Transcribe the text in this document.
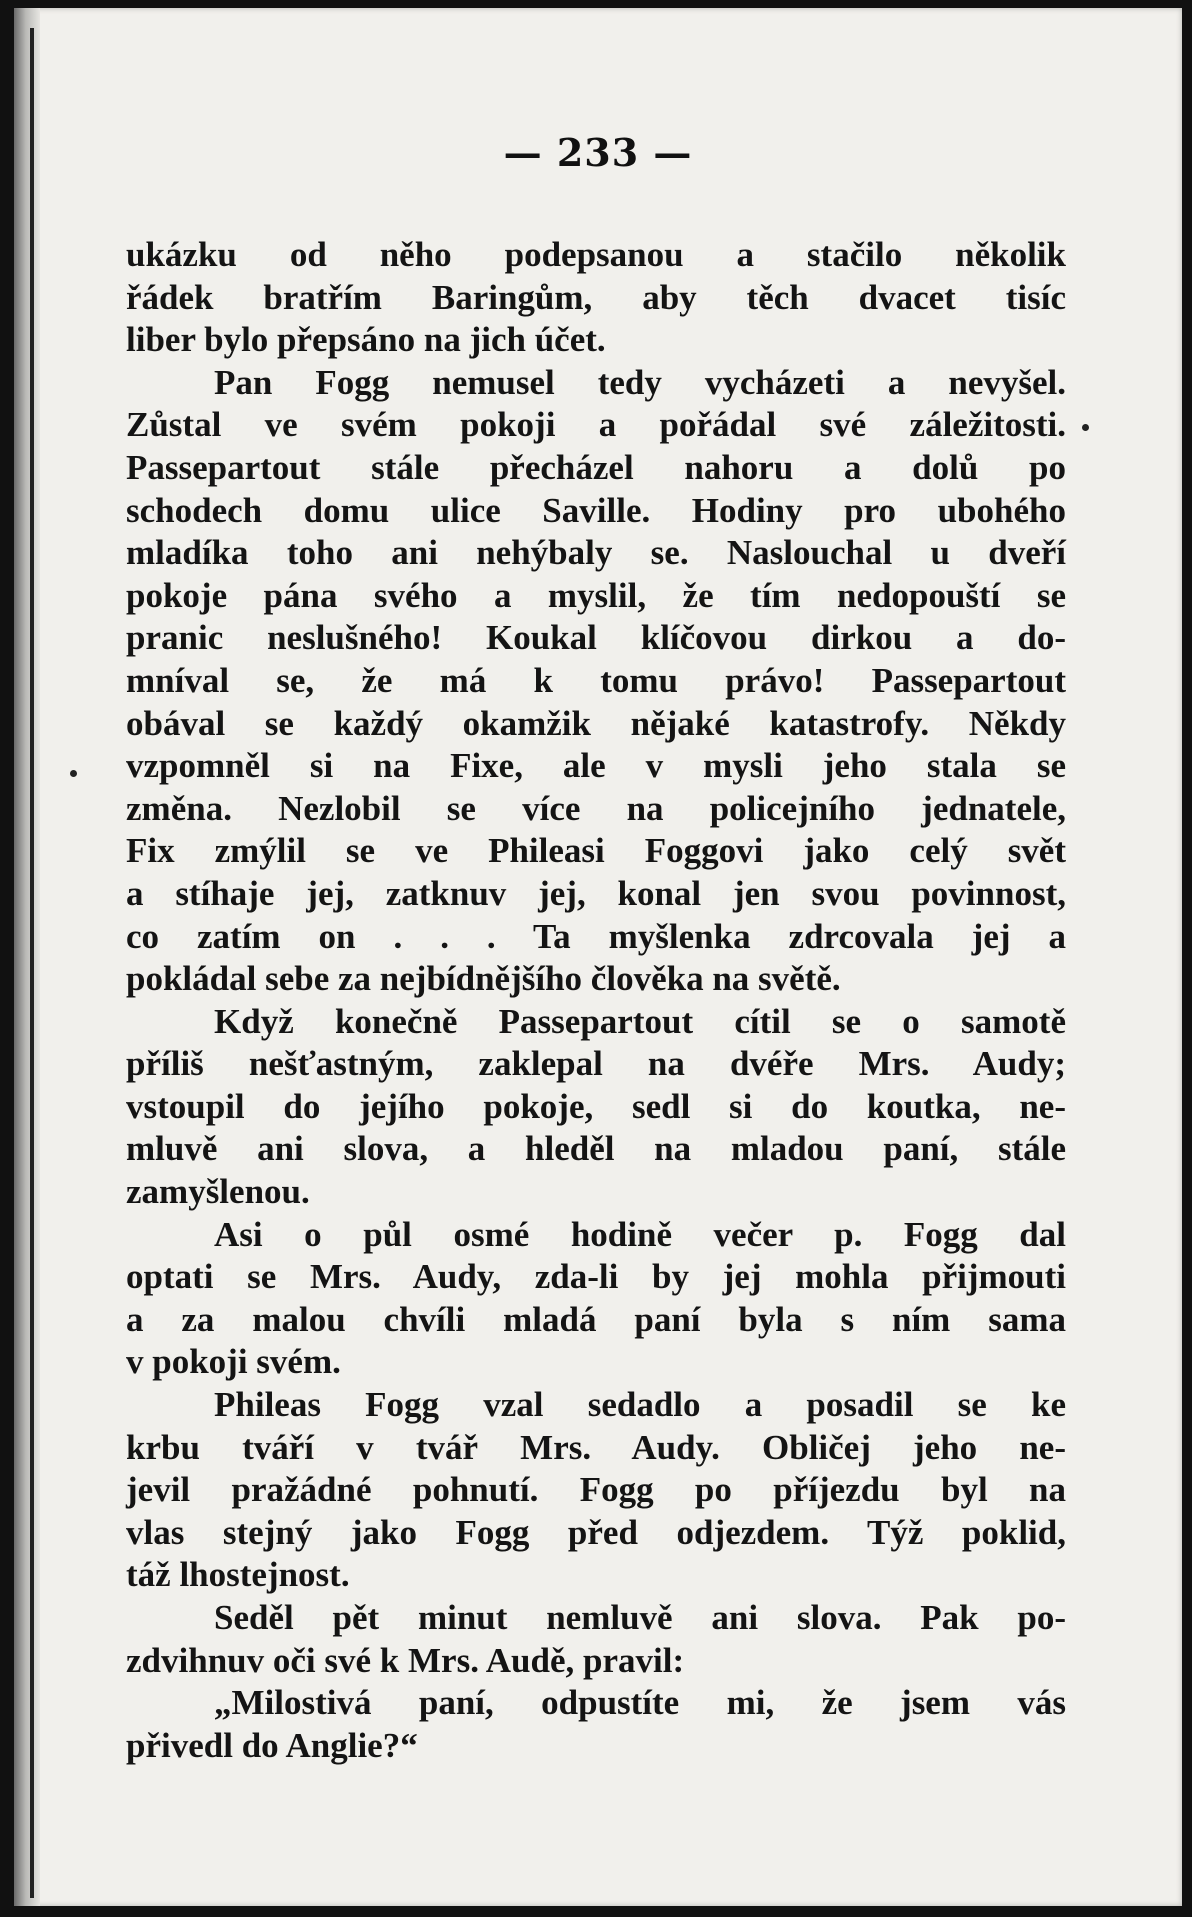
— 233 —
ukázku od něho podepsanou a stačilo několik
řádek bratřím Baringům, aby těch dvacet tisíc
liber bylo přepsáno na jich účet.
Pan Fogg nemusel tedy vycházeti a nevyšel.
Zůstal ve svém pokoji a pořádal své záležitosti.
Passepartout stále přecházel nahoru a dolů po
schodech domu ulice Saville. Hodiny pro ubohého
mladíka toho ani nehýbaly se. Naslouchal u dveří
pokoje pána svého a myslil, že tím nedopouští se
pranic neslušného! Koukal klíčovou dirkou a do-
mníval se, že má k tomu právo! Passepartout
obával se každý okamžik nějaké katastrofy. Někdy
vzpomněl si na Fixe, ale v mysli jeho stala se
změna. Nezlobil se více na policejního jednatele,
Fix zmýlil se ve Phileasi Foggovi jako celý svět
a stíhaje jej, zatknuv jej, konal jen svou povinnost,
co zatím on . . . Ta myšlenka zdrcovala jej a
pokládal sebe za nejbídnějšího člověka na světě.
Když konečně Passepartout cítil se o samotě
příliš nešťastným, zaklepal na dvéře Mrs. Audy;
vstoupil do jejího pokoje, sedl si do koutka, ne-
mluvě ani slova, a hleděl na mladou paní, stále
zamyšlenou.
Asi o půl osmé hodině večer p. Fogg dal
optati se Mrs. Audy, zda-li by jej mohla přijmouti
a za malou chvíli mladá paní byla s ním sama
v pokoji svém.
Phileas Fogg vzal sedadlo a posadil se ke
krbu tváří v tvář Mrs. Audy. Obličej jeho ne-
jevil pražádné pohnutí. Fogg po příjezdu byl na
vlas stejný jako Fogg před odjezdem. Týž poklid,
táž lhostejnost.
Seděl pět minut nemluvě ani slova. Pak po-
zdvihnuv oči své k Mrs. Audě, pravil:
„Milostivá paní, odpustíte mi, že jsem vás
přivedl do Anglie?“
